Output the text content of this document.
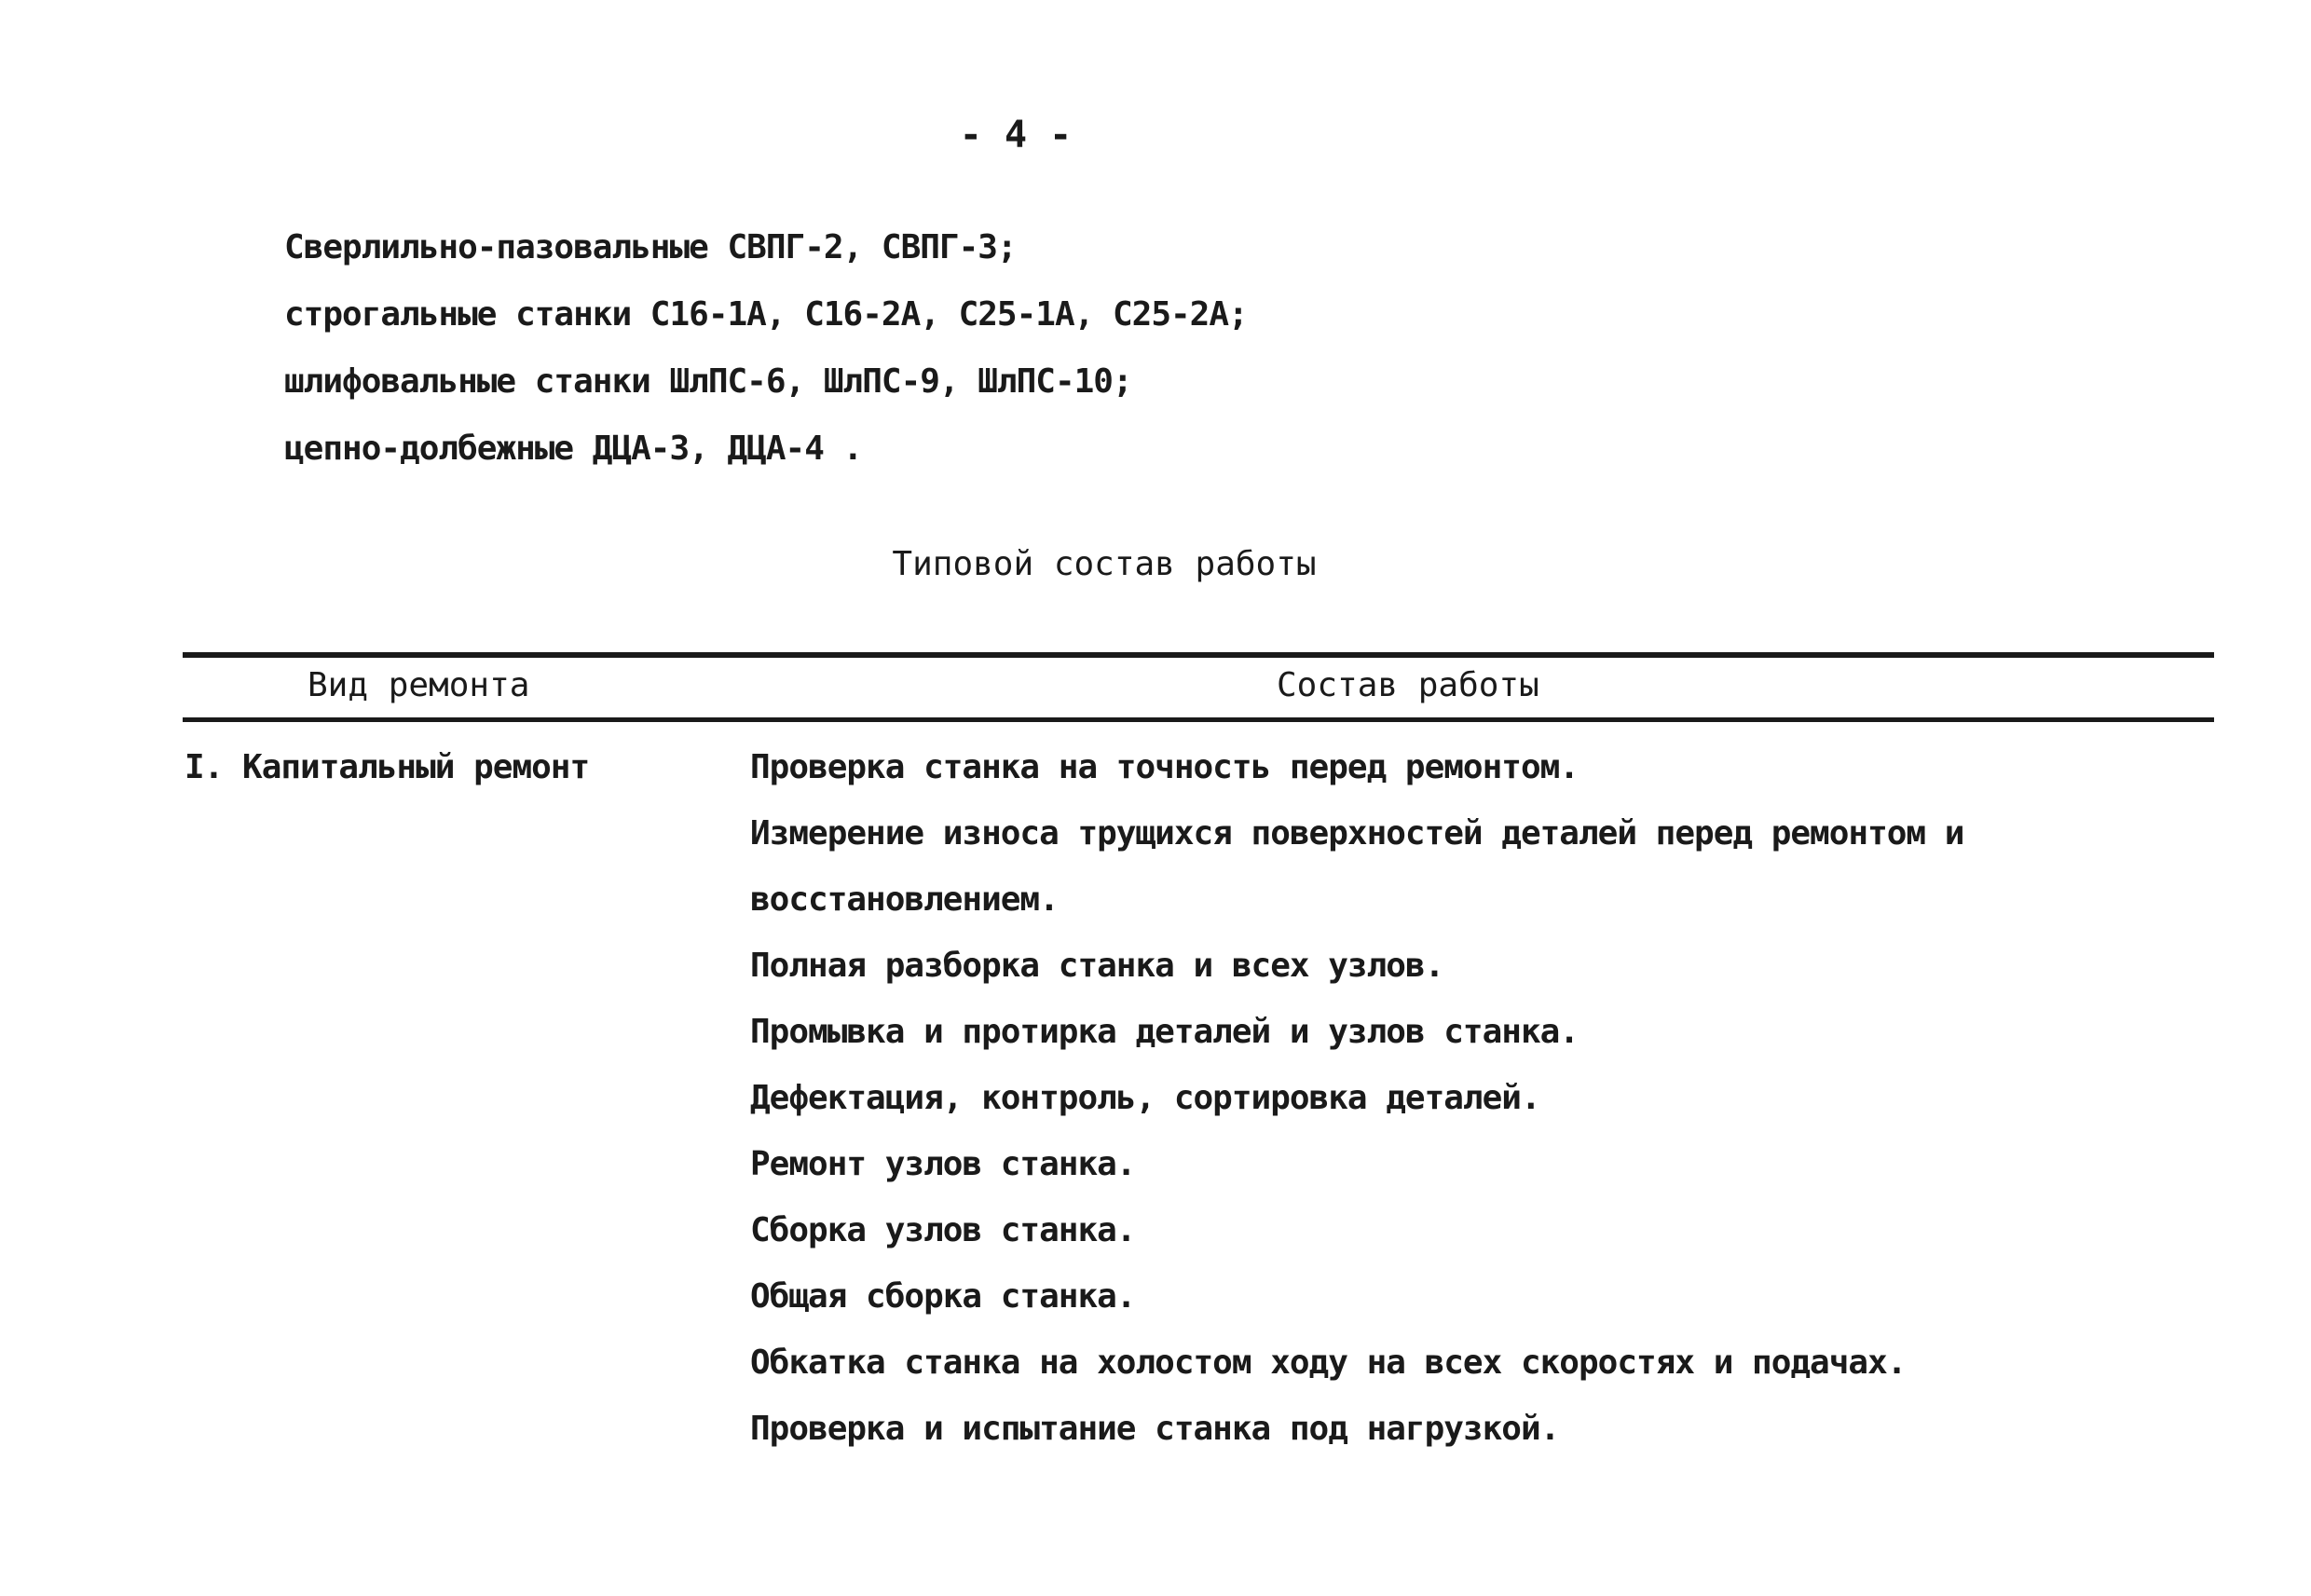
- 4 -
Сверлильно-пазовальные СВПГ-2, СВПГ-3;
строгальные станки С16-1А, С16-2А, С25-1А, С25-2А;
шлифовальные станки ШлПС-6, ШлПС-9, ШлПС-10;
цепно-долбежные ДЦА-3, ДЦА-4 .
Типовой состав работы
Вид ремонта	Состав работы
I. Капитальный ремонт	Проверка станка на точность перед ремонтом.
Измерение износа трущихся поверхностей деталей перед ремонтом и
восстановлением.
Полная разборка станка и всех узлов.
Промывка и протирка деталей и узлов станка.
Дефектация, контроль, сортировка деталей.
Ремонт узлов станка.
Сборка узлов станка.
Общая сборка станка.
Обкатка станка на холостом ходу на всех скоростях и подачах.
Проверка и испытание станка под нагрузкой.
